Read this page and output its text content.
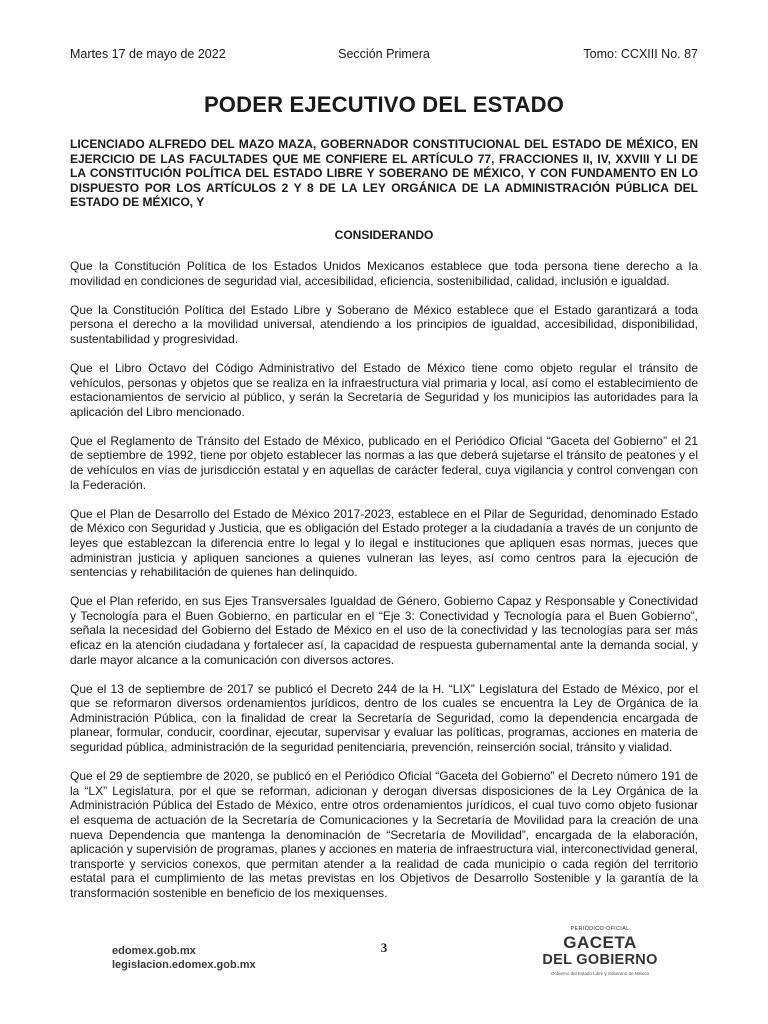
Martes 17 de mayo de 2022	Sección Primera	Tomo: CCXIII No. 87
PODER EJECUTIVO DEL ESTADO

LICENCIADO ALFREDO DEL MAZO MAZA, GOBERNADOR CONSTITUCIONAL DEL ESTADO DE MÉXICO, EN EJERCICIO DE LAS FACULTADES QUE ME CONFIERE EL ARTÍCULO 77, FRACCIONES II, IV, XXVIII Y LI DE LA CONSTITUCIÓN POLÍTICA DEL ESTADO LIBRE Y SOBERANO DE MÉXICO, Y CON FUNDAMENTO EN LO DISPUESTO POR LOS ARTÍCULOS 2 Y 8 DE LA LEY ORGÁNICA DE LA ADMINISTRACIÓN PÚBLICA DEL ESTADO DE MÉXICO, Y

CONSIDERANDO

Que la Constitución Política de los Estados Unidos Mexicanos establece que toda persona tiene derecho a la movilidad en condiciones de seguridad vial, accesibilidad, eficiencia, sostenibilidad, calidad, inclusión e igualdad.

Que la Constitución Política del Estado Libre y Soberano de México establece que el Estado garantizará a toda persona el derecho a la movilidad universal, atendiendo a los principios de igualdad, accesibilidad, disponibilidad, sustentabilidad y progresividad.

Que el Libro Octavo del Código Administrativo del Estado de México tiene como objeto regular el tránsito de vehículos, personas y objetos que se realiza en la infraestructura vial primaria y local, así como el establecimiento de estacionamientos de servicio al público, y serán la Secretaría de Seguridad y los municipios las autoridades para la aplicación del Libro mencionado.

Que el Reglamento de Tránsito del Estado de México, publicado en el Periódico Oficial “Gaceta del Gobierno” el 21 de septiembre de 1992, tiene por objeto establecer las normas a las que deberá sujetarse el tránsito de peatones y el de vehículos en vías de jurisdicción estatal y en aquellas de carácter federal, cuya vigilancia y control convengan con la Federación.

Que el Plan de Desarrollo del Estado de México 2017-2023, establece en el Pilar de Seguridad, denominado Estado de México con Seguridad y Justicia, que es obligación del Estado proteger a la ciudadanía a través de un conjunto de leyes que establezcan la diferencia entre lo legal y lo ilegal e instituciones que apliquen esas normas, jueces que administran justicia y apliquen sanciones a quienes vulneran las leyes, así como centros para la ejecución de sentencias y rehabilitación de quienes han delinquido.

Que el Plan referido, en sus Ejes Transversales Igualdad de Género, Gobierno Capaz y Responsable y Conectividad y Tecnología para el Buen Gobierno, en particular en el “Eje 3: Conectividad y Tecnología para el Buen Gobierno”, señala la necesidad del Gobierno del Estado de México en el uso de la conectividad y las tecnologías para ser más eficaz en la atención ciudadana y fortalecer así, la capacidad de respuesta gubernamental ante la demanda social, y darle mayor alcance a la comunicación con diversos actores.

Que el 13 de septiembre de 2017 se publicó el Decreto 244 de la H. “LIX” Legislatura del Estado de México, por el que se reformaron diversos ordenamientos jurídicos, dentro de los cuales se encuentra la Ley de Orgánica de la Administración Pública, con la finalidad de crear la Secretaría de Seguridad, como la dependencia encargada de planear, formular, conducir, coordinar, ejecutar, supervisar y evaluar las políticas, programas, acciones en materia de seguridad pública, administración de la seguridad penitenciaria, prevención, reinserción social, tránsito y vialidad.

Que el 29 de septiembre de 2020, se publicó en el Periódico Oficial “Gaceta del Gobierno” el Decreto número 191 de la “LX” Legislatura, por el que se reforman, adicionan y derogan diversas disposiciones de la Ley Orgánica de la Administración Pública del Estado de México, entre otros ordenamientos jurídicos, el cual tuvo como objeto fusionar el esquema de actuación de la Secretaría de Comunicaciones y la Secretaría de Movilidad para la creación de una nueva Dependencia que mantenga la denominación de “Secretaría de Movilidad”, encargada de la elaboración, aplicación y supervisión de programas, planes y acciones en materia de infraestructura vial, interconectividad general, transporte y servicios conexos, que permitan atender a la realidad de cada municipio o cada región del territorio estatal para el cumplimiento de las metas previstas en los Objetivos de Desarrollo Sostenible y la garantía de la transformación sostenible en beneficio de los mexiquenses.

edomex.gob.mx
legislacion.edomex.gob.mx
3
PERIÓDICO OFICIAL
GACETA
DEL GOBIERNO
Gobierno del Estado Libre y Soberano de México
